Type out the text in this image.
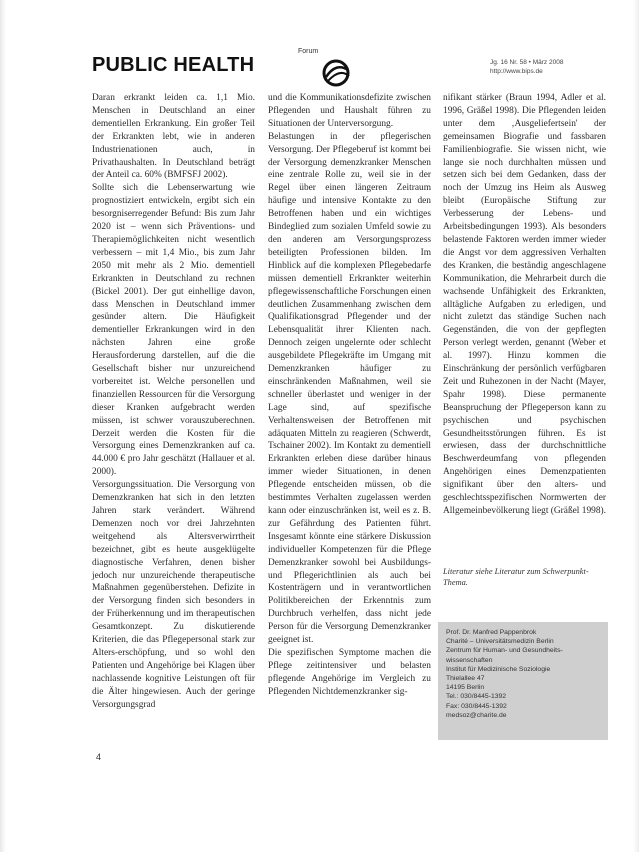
Forum
PUBLIC HEALTH	Jg. 16 Nr. 58 • März 2008
http://www.bips.de

Daran erkrankt leiden ca. 1,1 Mio. Menschen in Deutschland an einer dementiellen Erkrankung. Ein großer Teil der Erkrankten lebt, wie in anderen Industrienationen auch, in Privathaushalten. In Deutschland beträgt der Anteil ca. 60% (BMFSFJ 2002).

Sollte sich die Lebenserwartung wie prognostiziert entwickeln, ergibt sich ein besorgniserregender Befund: Bis zum Jahr 2020 ist – wenn sich Präventions- und Therapiemöglichkeiten nicht wesentlich verbessern – mit 1,4 Mio., bis zum Jahr 2050 mit mehr als 2 Mio. dementiell Erkrankten in Deutschland zu rechnen (Bickel 2001). Der gut einhellige davon, dass Menschen in Deutschland immer gesünder altern. Die Häufigkeit dementieller Erkrankungen wird in den nächsten Jahren eine große Herausforderung darstellen, auf die die Gesellschaft bisher nur unzureichend vorbereitet ist. Welche personellen und finanziellen Ressourcen für die Versorgung dieser Kranken aufgebracht werden müssen, ist schwer vorauszuberechnen. Derzeit werden die Kosten für die Versorgung eines Demenzkranken auf ca. 44.000 € pro Jahr geschätzt (Hallauer et al. 2000).

Versorgungssituation. Die Versorgung von Demenzkranken hat sich in den letzten Jahren stark verändert. Während Demenzen noch vor drei Jahrzehnten weitgehend als Altersverwirrtheit bezeichnet, gibt es heute ausgeklügelte diagnostische Verfahren, denen bisher jedoch nur unzureichende therapeutische Maßnahmen gegenüberstehen. Defizite in der Versorgung finden sich besonders in der Früherkennung und im therapeutischen Gesamtkonzept. Zu diskutierende Kriterien, die das Pflegepersonal stark zur Alters-erschöpfung, und so wohl den Patienten und Angehörige bei Klagen über nachlassende kognitive Leistungen oft für die Älter hingewiesen. Auch der geringe Versorgungsgrad

und die Kommunikationsdefizite zwischen Pflegenden und Haushalt führen zu Situationen der Unterversorgung.

Belastungen in der pflegerischen Versorgung. Der Pflegeberuf ist kommt bei der Versorgung demenzkranker Menschen eine zentrale Rolle zu, weil sie in der Regel über einen längeren Zeitraum häufige und intensive Kontakte zu den Betroffenen haben und ein wichtiges Bindeglied zum sozialen Umfeld sowie zu den anderen am Versorgungsprozess beteiligten Professionen bilden. Im Hinblick auf die komplexen Pflegebedarfe müssen dementiell Erkrankter weiterhin pflegewissenschaftliche Forschungen einen deutlichen Zusammenhang zwischen dem Qualifikationsgrad Pflegender und der Lebensqualität ihrer Klienten nach. Dennoch zeigen ungelernte oder schlecht ausgebildete Pflegekräfte im Umgang mit Demenzkranken häufiger zu einschränkenden Maßnahmen, weil sie schneller überlastet und weniger in der Lage sind, auf spezifische Verhaltensweisen der Betroffenen mit adäquaten Mitteln zu reagieren (Schwerdt, Tschainer 2002). Im Kontakt zu dementiell Erkrankten erleben diese darüber hinaus immer wieder Situationen, in denen Pflegende entscheiden müssen, ob die bestimmtes Verhalten zugelassen werden kann oder einzuschränken ist, weil es z. B. zur Gefährdung des Patienten führt. Insgesamt könnte eine stärkere Diskussion individueller Kompetenzen für die Pflege Demenzkranker sowohl bei Ausbildungs- und Pflegerichtlinien als auch bei Kostenträgern und in verantwortlichen Politikbereichen der Erkenntnis zum Durchbruch verhelfen, dass nicht jede Person für die Versorgung Demenzkranker geeignet ist.

Die spezifischen Symptome machen die Pflege zeitintensiver und belasten pflegende Angehörige im Vergleich zu Pflegenden Nichtdemenzkranker sig-

nifikant stärker (Braun 1994, Adler et al. 1996, Gräßel 1998). Die Pflegenden leiden unter dem ‚Ausgeliefertsein' der gemeinsamen Biografie und fassbaren Familienbiografie. Sie wissen nicht, wie lange sie noch durchhalten müssen und setzen sich bei dem Gedanken, dass der noch der Umzug ins Heim als Ausweg bleibt (Europäische Stiftung zur Verbesserung der Lebens- und Arbeitsbedingungen 1993). Als besonders belastende Faktoren werden immer wieder die Angst vor dem aggressiven Verhalten des Kranken, die beständig angeschlagene Kommunikation, die Mehrarbeit durch die wachsende Unfähigkeit des Erkrankten, alltägliche Aufgaben zu erledigen, und nicht zuletzt das ständige Suchen nach Gegenständen, die von der gepflegten Person verlegt werden, genannt (Weber et al. 1997). Hinzu kommen die Einschränkung der persönlich verfügbaren Zeit und Ruhezonen in der Nacht (Mayer, Spahr 1998). Diese permanente Beanspruchung der Pflegeperson kann zu psychischen und psychischen Gesundheitsstörungen führen. Es ist erwiesen, dass der durchschnittliche Beschwerdeumfang von pflegenden Angehörigen eines Demenzpatienten signifikant über den alters- und geschlechtsspezifischen Normwerten der Allgemeinbevölkerung liegt (Gräßel 1998).

Literatur siehe Literatur zum Schwerpunkt-Thema.
Prof. Dr. Manfred Pappenbrok
Charité – Universitätsmedizin Berlin
Zentrum für Human- und Gesundheits-
wissenschaften
Institut für Medizinische Soziologie
Thielallee 47
14195 Berlin
Tel.: 030/8445-1392
Fax: 030/8445-1392
medsoz@charite.de
4
